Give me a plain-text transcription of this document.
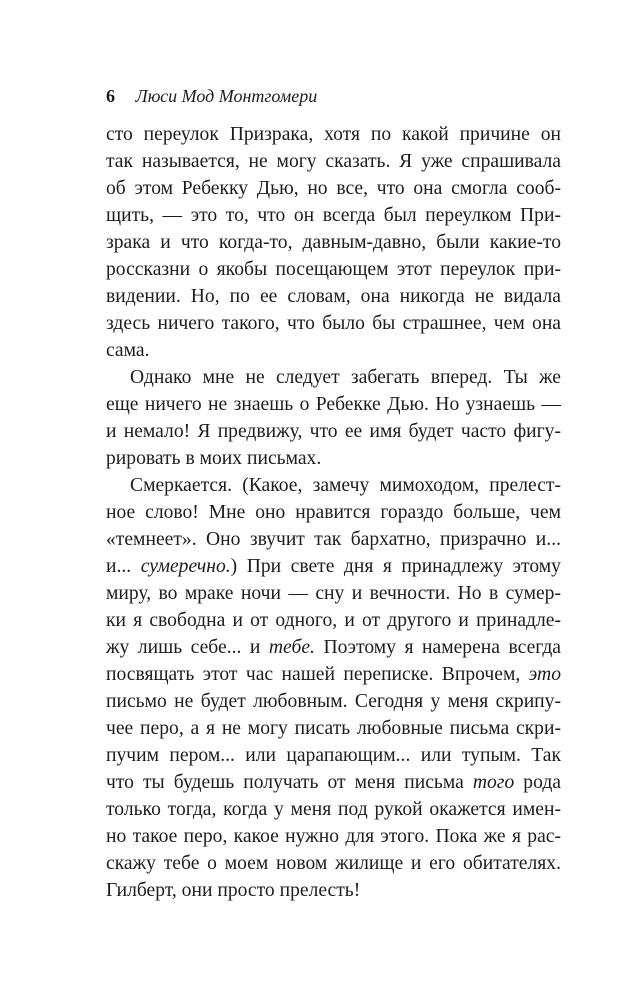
6 Люси Мод Монтгомери
сто переулок Призрака, хотя по какой причине он
так называется, не могу сказать. Я уже спрашивала
об этом Ребекку Дью, но все, что она смогла сооб-
щить, — это то, что он всегда был переулком При-
зрака и что когда-то, давным-давно, были какие-то
россказни о якобы посещающем этот переулок при-
видении. Но, по ее словам, она никогда не видала
здесь ничего такого, что было бы страшнее, чем она
сама.
Однако мне не следует забегать вперед. Ты же
еще ничего не знаешь о Ребекке Дью. Но узнаешь —
и немало! Я предвижу, что ее имя будет часто фигу-
рировать в моих письмах.
Смеркается. (Какое, замечу мимоходом, прелест-
ное слово! Мне оно нравится гораздо больше, чем
«темнеет». Оно звучит так бархатно, призрачно и...
и... сумеречно.) При свете дня я принадлежу этому
миру, во мраке ночи — сну и вечности. Но в сумер-
ки я свободна и от одного, и от другого и принадле-
жу лишь себе... и тебе. Поэтому я намерена всегда
посвящать этот час нашей переписке. Впрочем, это
письмо не будет любовным. Сегодня у меня скрипу-
чее перо, а я не могу писать любовные письма скри-
пучим пером... или царапающим... или тупым. Так
что ты будешь получать от меня письма того рода
только тогда, когда у меня под рукой окажется имен-
но такое перо, какое нужно для этого. Пока же я рас-
скажу тебе о моем новом жилище и его обитателях.
Гилберт, они просто прелесть!
